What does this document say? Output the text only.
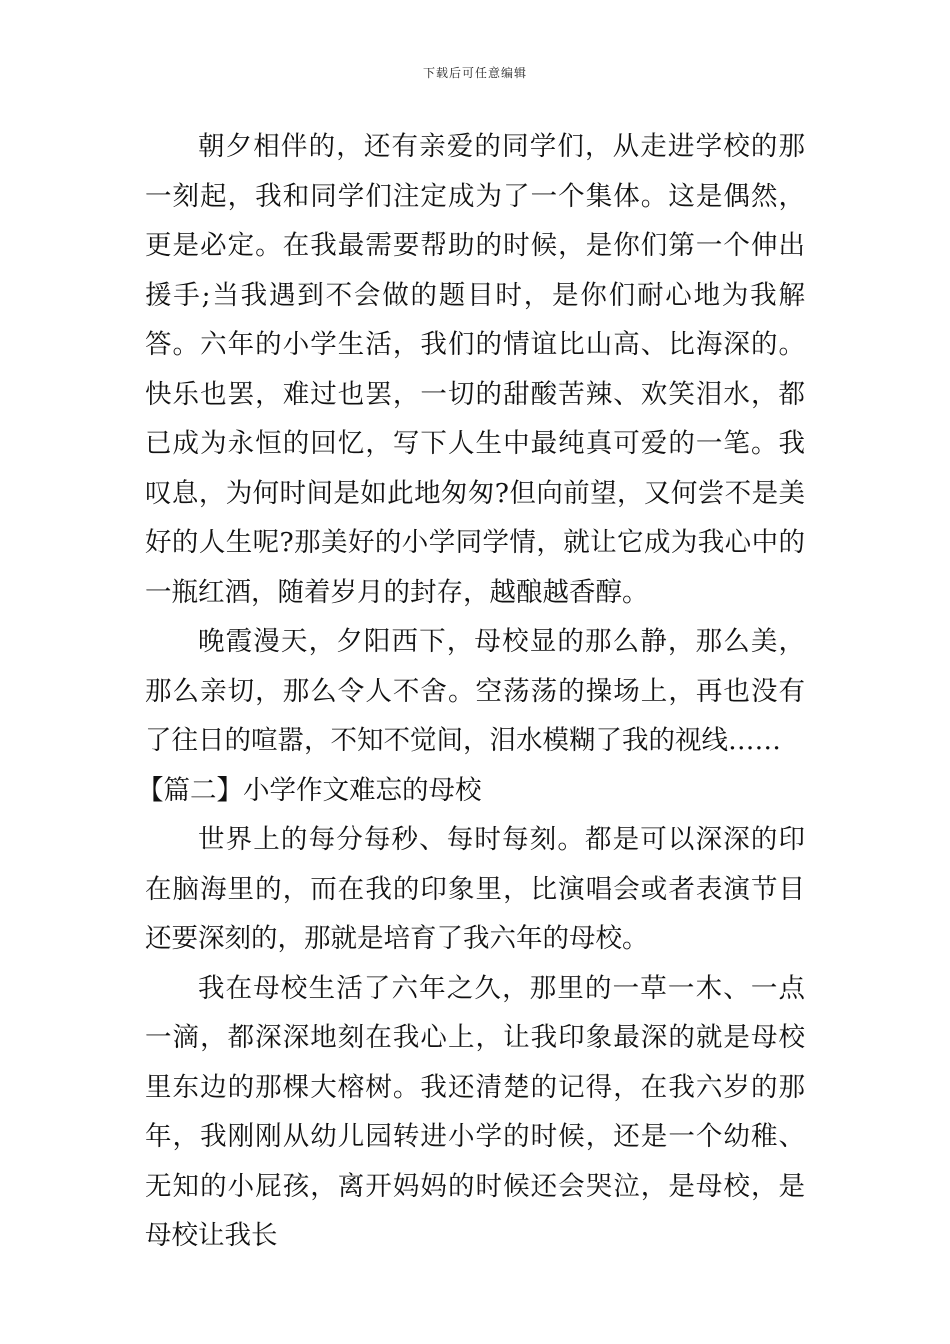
下载后可任意编辑

朝夕相伴的，还有亲爱的同学们，从走进学校的那一刻起，我和同学们注定成为了一个集体。这是偶然，更是必定。在我最需要帮助的时候，是你们第一个伸出援手;当我遇到不会做的题目时，是你们耐心地为我解答。六年的小学生活，我们的情谊比山高、比海深的。快乐也罢，难过也罢，一切的甜酸苦辣、欢笑泪水，都已成为永恒的回忆，写下人生中最纯真可爱的一笔。我叹息，为何时间是如此地匆匆?但向前望，又何尝不是美好的人生呢?那美好的小学同学情，就让它成为我心中的一瓶红酒，随着岁月的封存，越酿越香醇。

晚霞漫天，夕阳西下，母校显的那么静，那么美，那么亲切，那么令人不舍。空荡荡的操场上，再也没有了往日的喧嚣，不知不觉间，泪水模糊了我的视线……

【篇二】小学作文难忘的母校

世界上的每分每秒、每时每刻。都是可以深深的印在脑海里的，而在我的印象里，比演唱会或者表演节目还要深刻的，那就是培育了我六年的母校。

我在母校生活了六年之久，那里的一草一木、一点一滴，都深深地刻在我心上，让我印象最深的就是母校里东边的那棵大榕树。我还清楚的记得，在我六岁的那年，我刚刚从幼儿园转进小学的时候，还是一个幼稚、无知的小屁孩，离开妈妈的时候还会哭泣，是母校，是母校让我长
